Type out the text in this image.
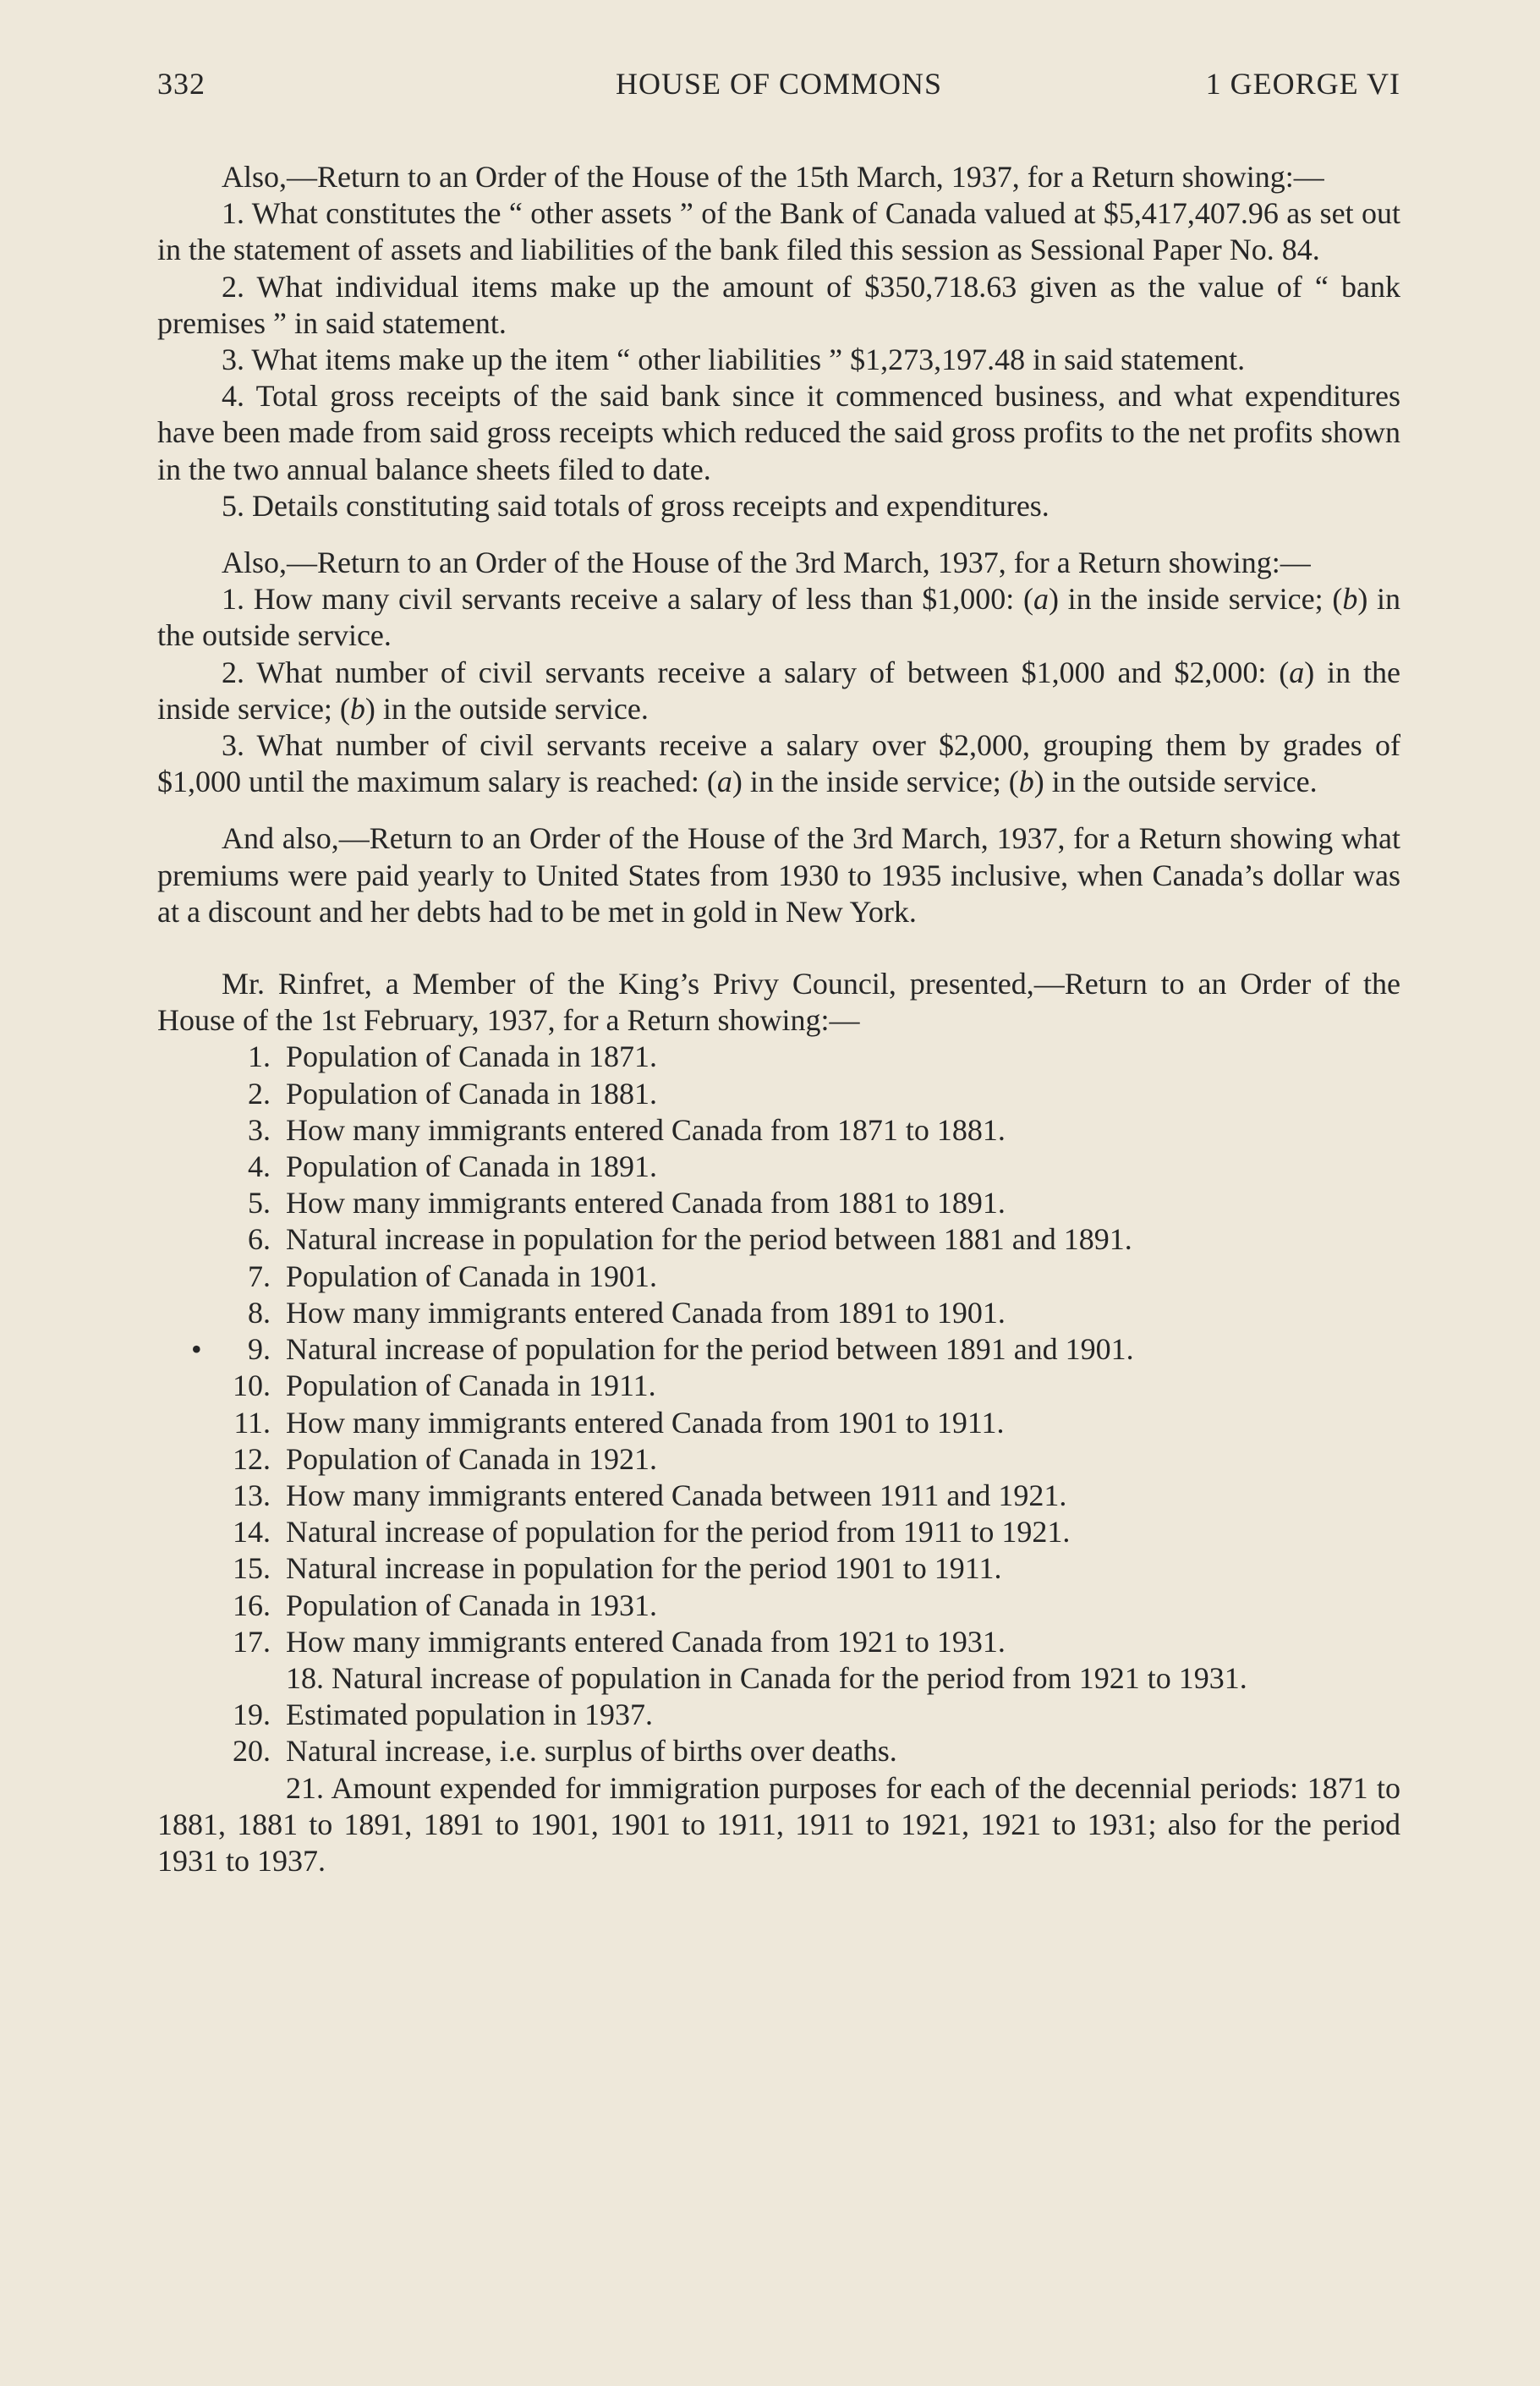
332	HOUSE OF COMMONS	1 GEORGE VI

Also,—Return to an Order of the House of the 15th March, 1937, for a Return showing:—

1. What constitutes the “ other assets ” of the Bank of Canada valued at $5,417,407.96 as set out in the statement of assets and liabilities of the bank filed this session as Sessional Paper No. 84.

2. What individual items make up the amount of $350,718.63 given as the value of “ bank premises ” in said statement.

3. What items make up the item “ other liabilities ” $1,273,197.48 in said statement.

4. Total gross receipts of the said bank since it commenced business, and what expenditures have been made from said gross receipts which reduced the said gross profits to the net profits shown in the two annual balance sheets filed to date.

5. Details constituting said totals of gross receipts and expenditures.

Also,—Return to an Order of the House of the 3rd March, 1937, for a Return showing:—

1. How many civil servants receive a salary of less than $1,000: (a) in the inside service; (b) in the outside service.

2. What number of civil servants receive a salary of between $1,000 and $2,000: (a) in the inside service; (b) in the outside service.

3. What number of civil servants receive a salary over $2,000, grouping them by grades of $1,000 until the maximum salary is reached: (a) in the inside service; (b) in the outside service.

And also,—Return to an Order of the House of the 3rd March, 1937, for a Return showing what premiums were paid yearly to United States from 1930 to 1935 inclusive, when Canada’s dollar was at a discount and her debts had to be met in gold in New York.

Mr. Rinfret, a Member of the King’s Privy Council, presented,—Return to an Order of the House of the 1st February, 1937, for a Return showing:—

1. Population of Canada in 1871.

2. Population of Canada in 1881.

3. How many immigrants entered Canada from 1871 to 1881.

4. Population of Canada in 1891.

5. How many immigrants entered Canada from 1881 to 1891.

6. Natural increase in population for the period between 1881 and 1891.

7. Population of Canada in 1901.

8. How many immigrants entered Canada from 1891 to 1901.

•	9. Natural increase of population for the period between 1891 and 1901.

10. Population of Canada in 1911.

11. How many immigrants entered Canada from 1901 to 1911.

12. Population of Canada in 1921.

13. How many immigrants entered Canada between 1911 and 1921.

14. Natural increase of population for the period from 1911 to 1921.

15. Natural increase in population for the period 1901 to 1911.

16. Population of Canada in 1931.

17. How many immigrants entered Canada from 1921 to 1931.

18. Natural increase of population in Canada for the period from 1921 to 1931.

19. Estimated population in 1937.

20. Natural increase, i.e. surplus of births over deaths.

21. Amount expended for immigration purposes for each of the decennial periods: 1871 to 1881, 1881 to 1891, 1891 to 1901, 1901 to 1911, 1911 to 1921, 1921 to 1931; also for the period 1931 to 1937.
